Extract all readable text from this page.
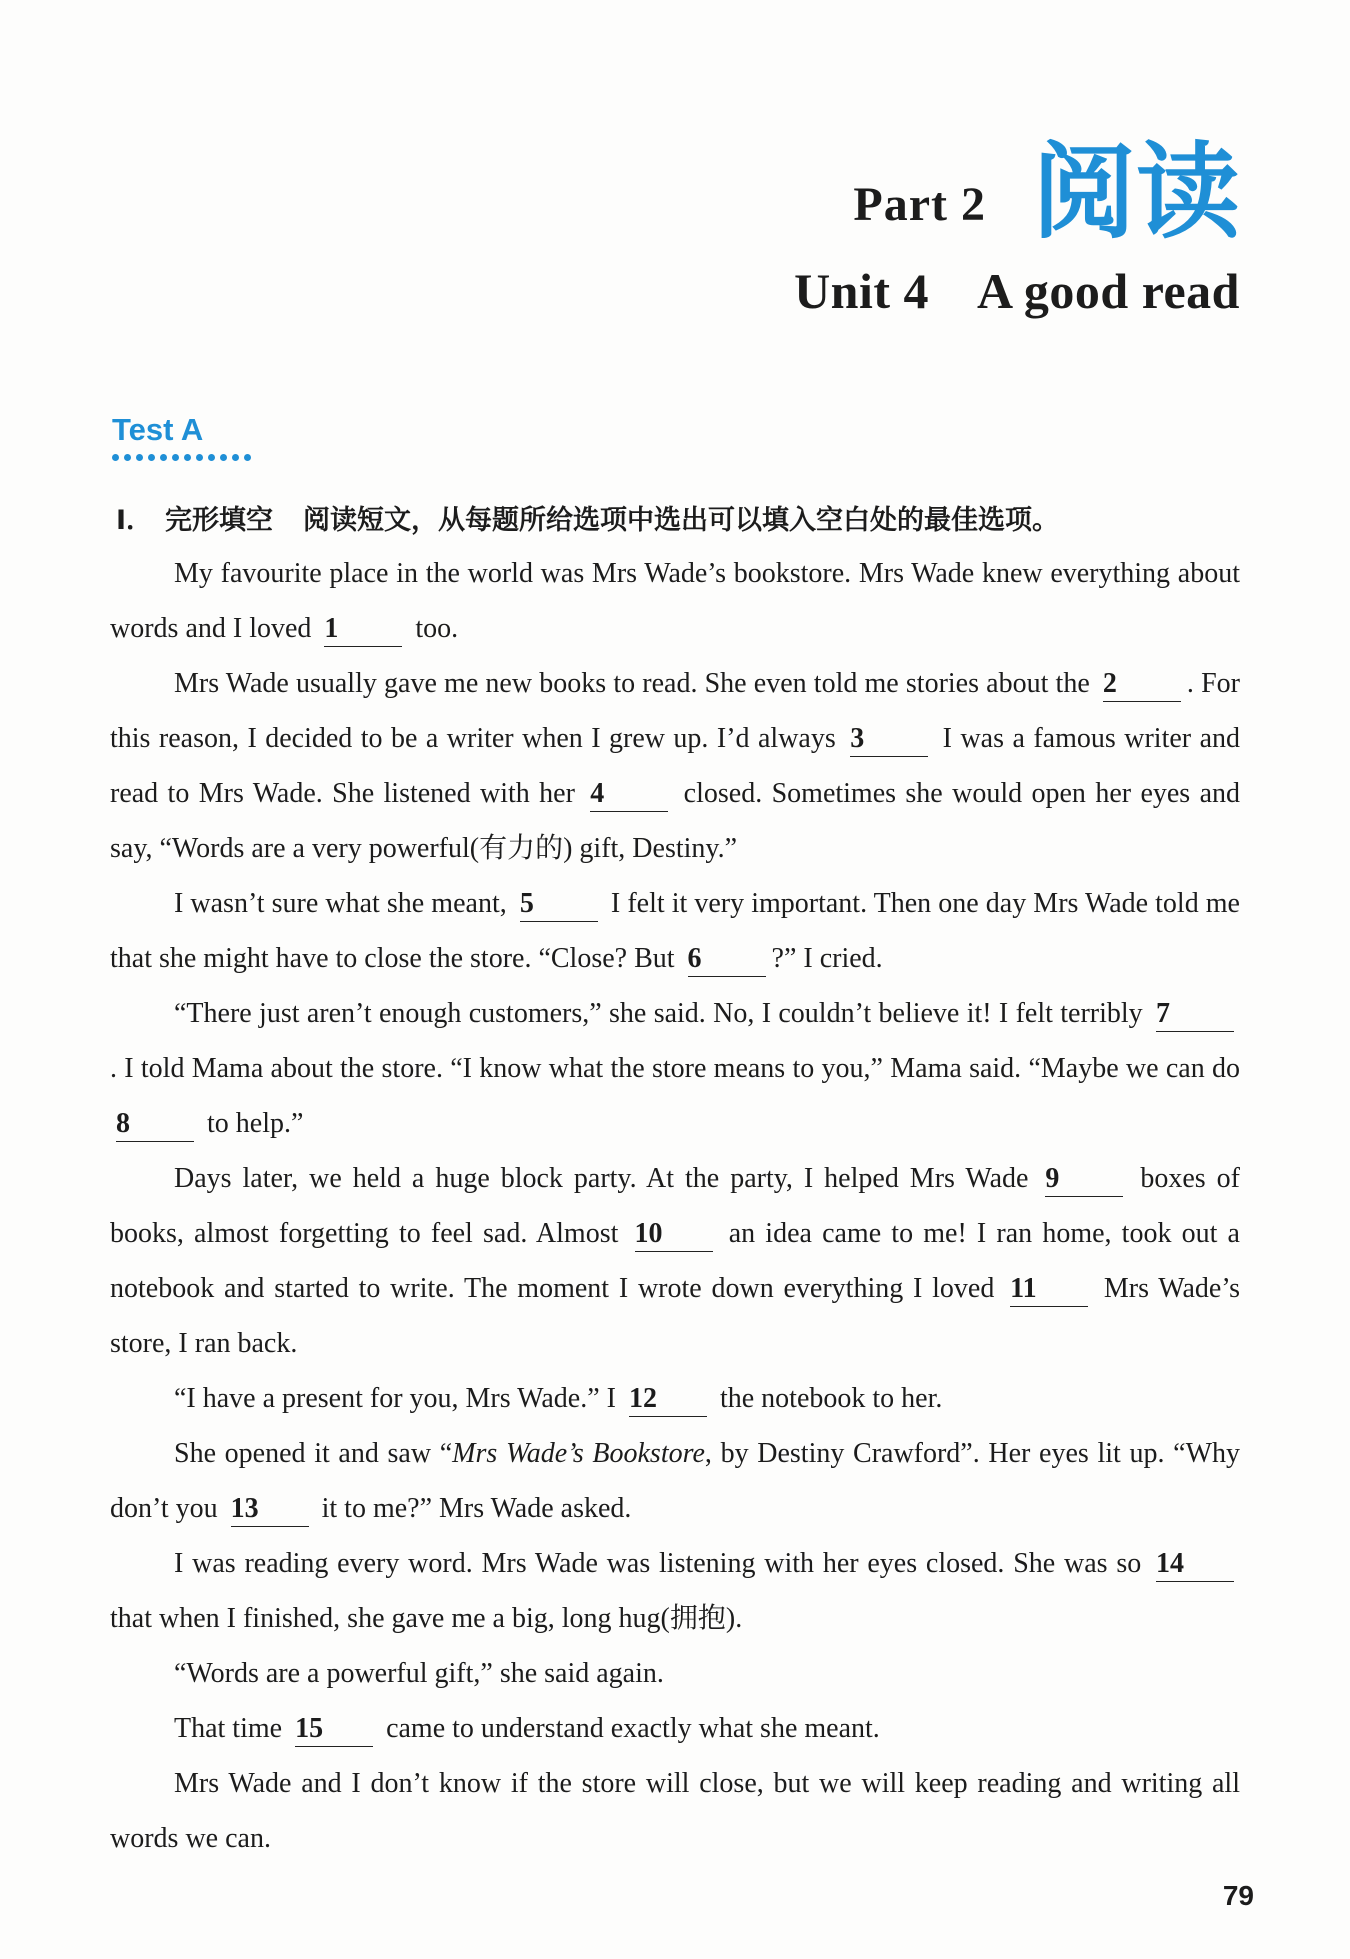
Part 2 阅读
Unit 4 A good read
Test A
I． 完形填空 阅读短文，从每题所给选项中选出可以填入空白处的最佳选项。

My favourite place in the world was Mrs Wade’s bookstore. Mrs Wade knew everything about words and I loved 1	too.

Mrs Wade usually gave me new books to read. She even told me stories about the 2	. For this reason, I decided to be a writer when I grew up. I’d always 3	I was a famous writer and read to Mrs Wade. She listened with her 4	closed. Sometimes she would open her eyes and say, “Words are a very powerful(有力的) gift, Destiny.”

I wasn’t sure what she meant, 5	I felt it very important. Then one day Mrs Wade told me that she might have to close the store. “Close? But 6	?” I cried.

“There just aren’t enough customers,” she said. No, I couldn’t believe it! I felt terribly 7. I told Mama about the store. “I know what the store means to you,” Mama said. “Maybe we can do 8	to help.”

Days later, we held a huge block party. At the party, I helped Mrs Wade 9	boxes of books, almost forgetting to feel sad. Almost 10 an idea came to me! I ran home, took out a notebook and started to write. The moment I wrote down everything I loved 11 Mrs Wade’s store, I ran back.

“I have a present for you, Mrs Wade.” I 12 the notebook to her.

She opened it and saw “Mrs Wade’s Bookstore, by Destiny Crawford”. Her eyes lit up. “Why don’t you 13 it to me?” Mrs Wade asked.

I was reading every word. Mrs Wade was listening with her eyes closed. She was so 14 that when I finished, she gave me a big, long hug(拥抱).

“Words are a powerful gift,” she said again.

That time 15 came to understand exactly what she meant.

Mrs Wade and I don’t know if the store will close, but we will keep reading and writing all words we can.

79
